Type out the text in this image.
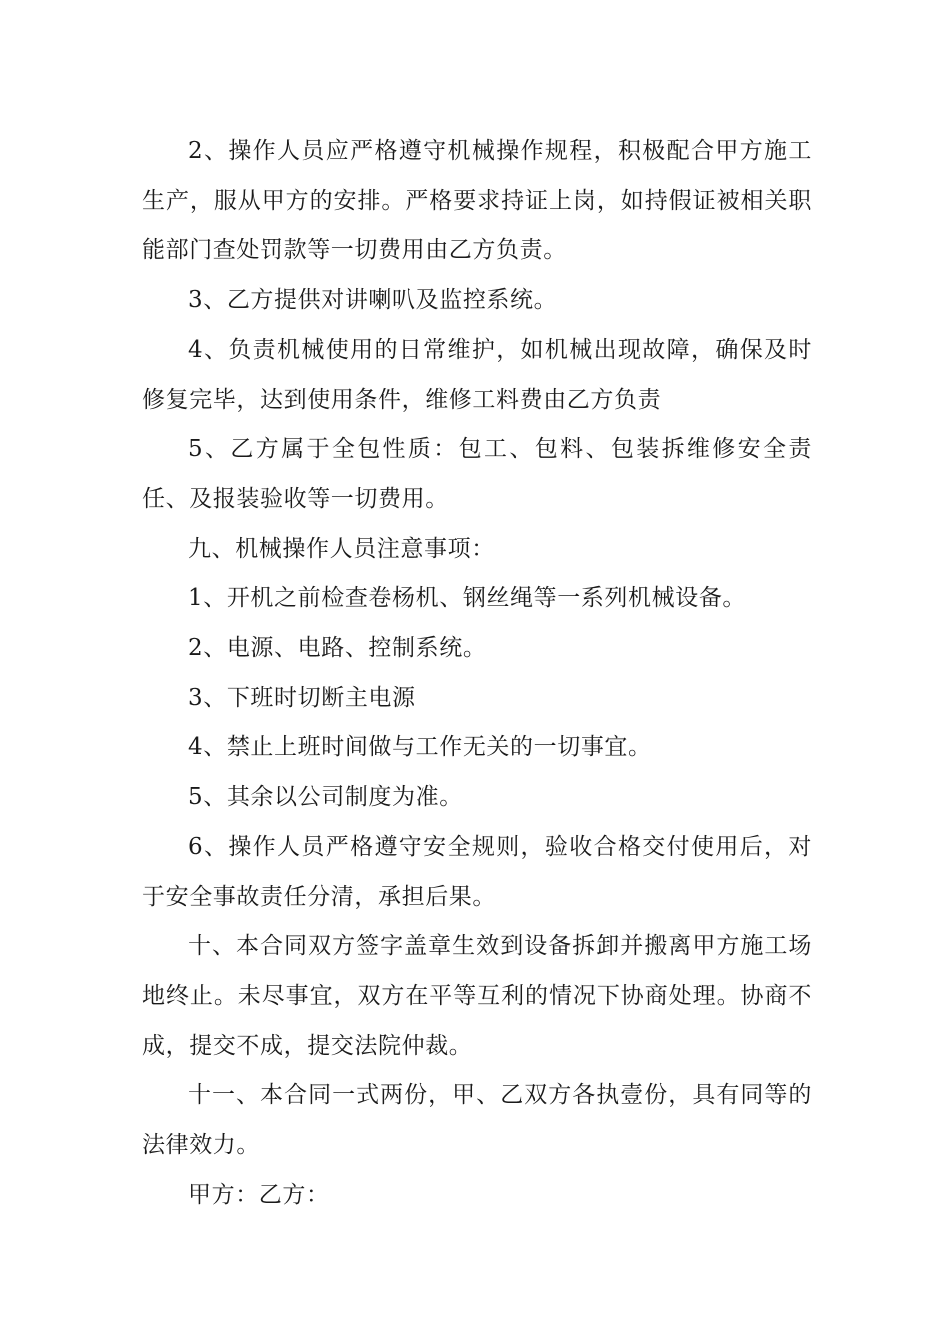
2、操作人员应严格遵守机械操作规程，积极配合甲方施工生产，服从甲方的安排。严格要求持证上岗，如持假证被相关职能部门查处罚款等一切费用由乙方负责。

3、乙方提供对讲喇叭及监控系统。

4、负责机械使用的日常维护，如机械出现故障，确保及时修复完毕，达到使用条件，维修工料费由乙方负责

5、乙方属于全包性质：包工、包料、包装拆维修安全责任、及报装验收等一切费用。

九、机械操作人员注意事项：

1、开机之前检查卷杨机、钢丝绳等一系列机械设备。

2、电源、电路、控制系统。

3、下班时切断主电源

4、禁止上班时间做与工作无关的一切事宜。

5、其余以公司制度为准。

6、操作人员严格遵守安全规则，验收合格交付使用后，对于安全事故责任分清，承担后果。

十、本合同双方签字盖章生效到设备拆卸并搬离甲方施工场地终止。未尽事宜，双方在平等互利的情况下协商处理。协商不成，提交不成，提交法院仲裁。

十一、本合同一式两份，甲、乙双方各执壹份，具有同等的法律效力。

甲方：乙方：
